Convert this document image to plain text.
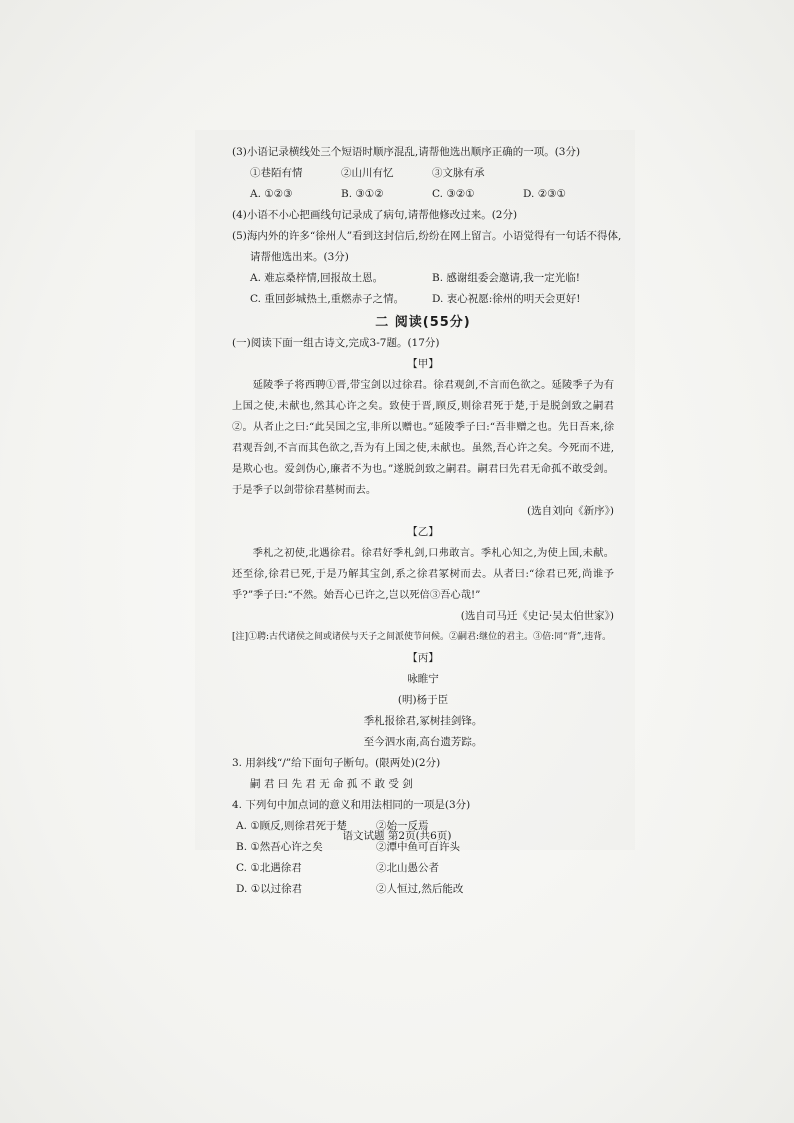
(3)小语记录横线处三个短语时顺序混乱,请帮他选出顺序正确的一项。(3分)
①巷陌有情	②山川有忆	③文脉有承
A. ①②③	B. ③①②	C. ③②①	D. ②③①
(4)小语不小心把画线句记录成了病句,请帮他修改过来。(2分)
(5)海内外的许多“徐州人”看到这封信后,纷纷在网上留言。小语觉得有一句话不得体,
请帮他选出来。(3分)
A. 难忘桑梓情,回报故土恩。	B. 感谢组委会邀请,我一定光临!
C. 重回彭城热土,重燃赤子之情。	D. 衷心祝愿:徐州的明天会更好!
二 阅读(55分)
(一)阅读下面一组古诗文,完成3-7题。(17分)
【甲】
延陵季子将西聘①晋,带宝剑以过徐君。徐君观剑,不言而色欲之。延陵季子为有上国之使,未献也,然其心许之矣。致使于晋,顾反,则徐君死于楚,于是脱剑致之嗣君②。从者止之曰:“此吴国之宝,非所以赠也。”延陵季子曰:“吾非赠之也。先日吾来,徐君观吾剑,不言而其色欲之,吾为有上国之使,未献也。虽然,吾心许之矣。今死而不进,是欺心也。爱剑伪心,廉者不为也。”遂脱剑致之嗣君。嗣君曰先君无命孤不敢受剑。于是季子以剑带徐君墓树而去。
(选自刘向《新序》)
【乙】
季札之初使,北遇徐君。徐君好季札剑,口弗敢言。季札心知之,为使上国,未献。还至徐,徐君已死,于是乃解其宝剑,系之徐君冢树而去。从者曰:“徐君已死,尚谁予乎?”季子曰:“不然。始吾心已许之,岂以死倍③吾心哉!”
(选自司马迁《史记·吴太伯世家》)
[注]①聘:古代诸侯之间或诸侯与天子之间派使节问候。②嗣君:继位的君主。③倍:同“背”,违背。
【丙】
咏睢宁
(明)杨于臣
季札报徐君,冢树挂剑锋。
至今泗水南,高台遗芳踪。
3. 用斜线“/”给下面句子断句。(限两处)(2分)
嗣 君 曰 先 君 无 命 孤 不 敢 受 剑
4. 下列句中加点词的意义和用法相同的一项是(3分)
A. ①顾反,则徐君死于楚	②始一反焉
B. ①然吾心许之矣	②潭中鱼可百许头
C. ①北遇徐君	②北山愚公者
D. ①以过徐君	②人恒过,然后能改
语文试题 第2页(共6页)
